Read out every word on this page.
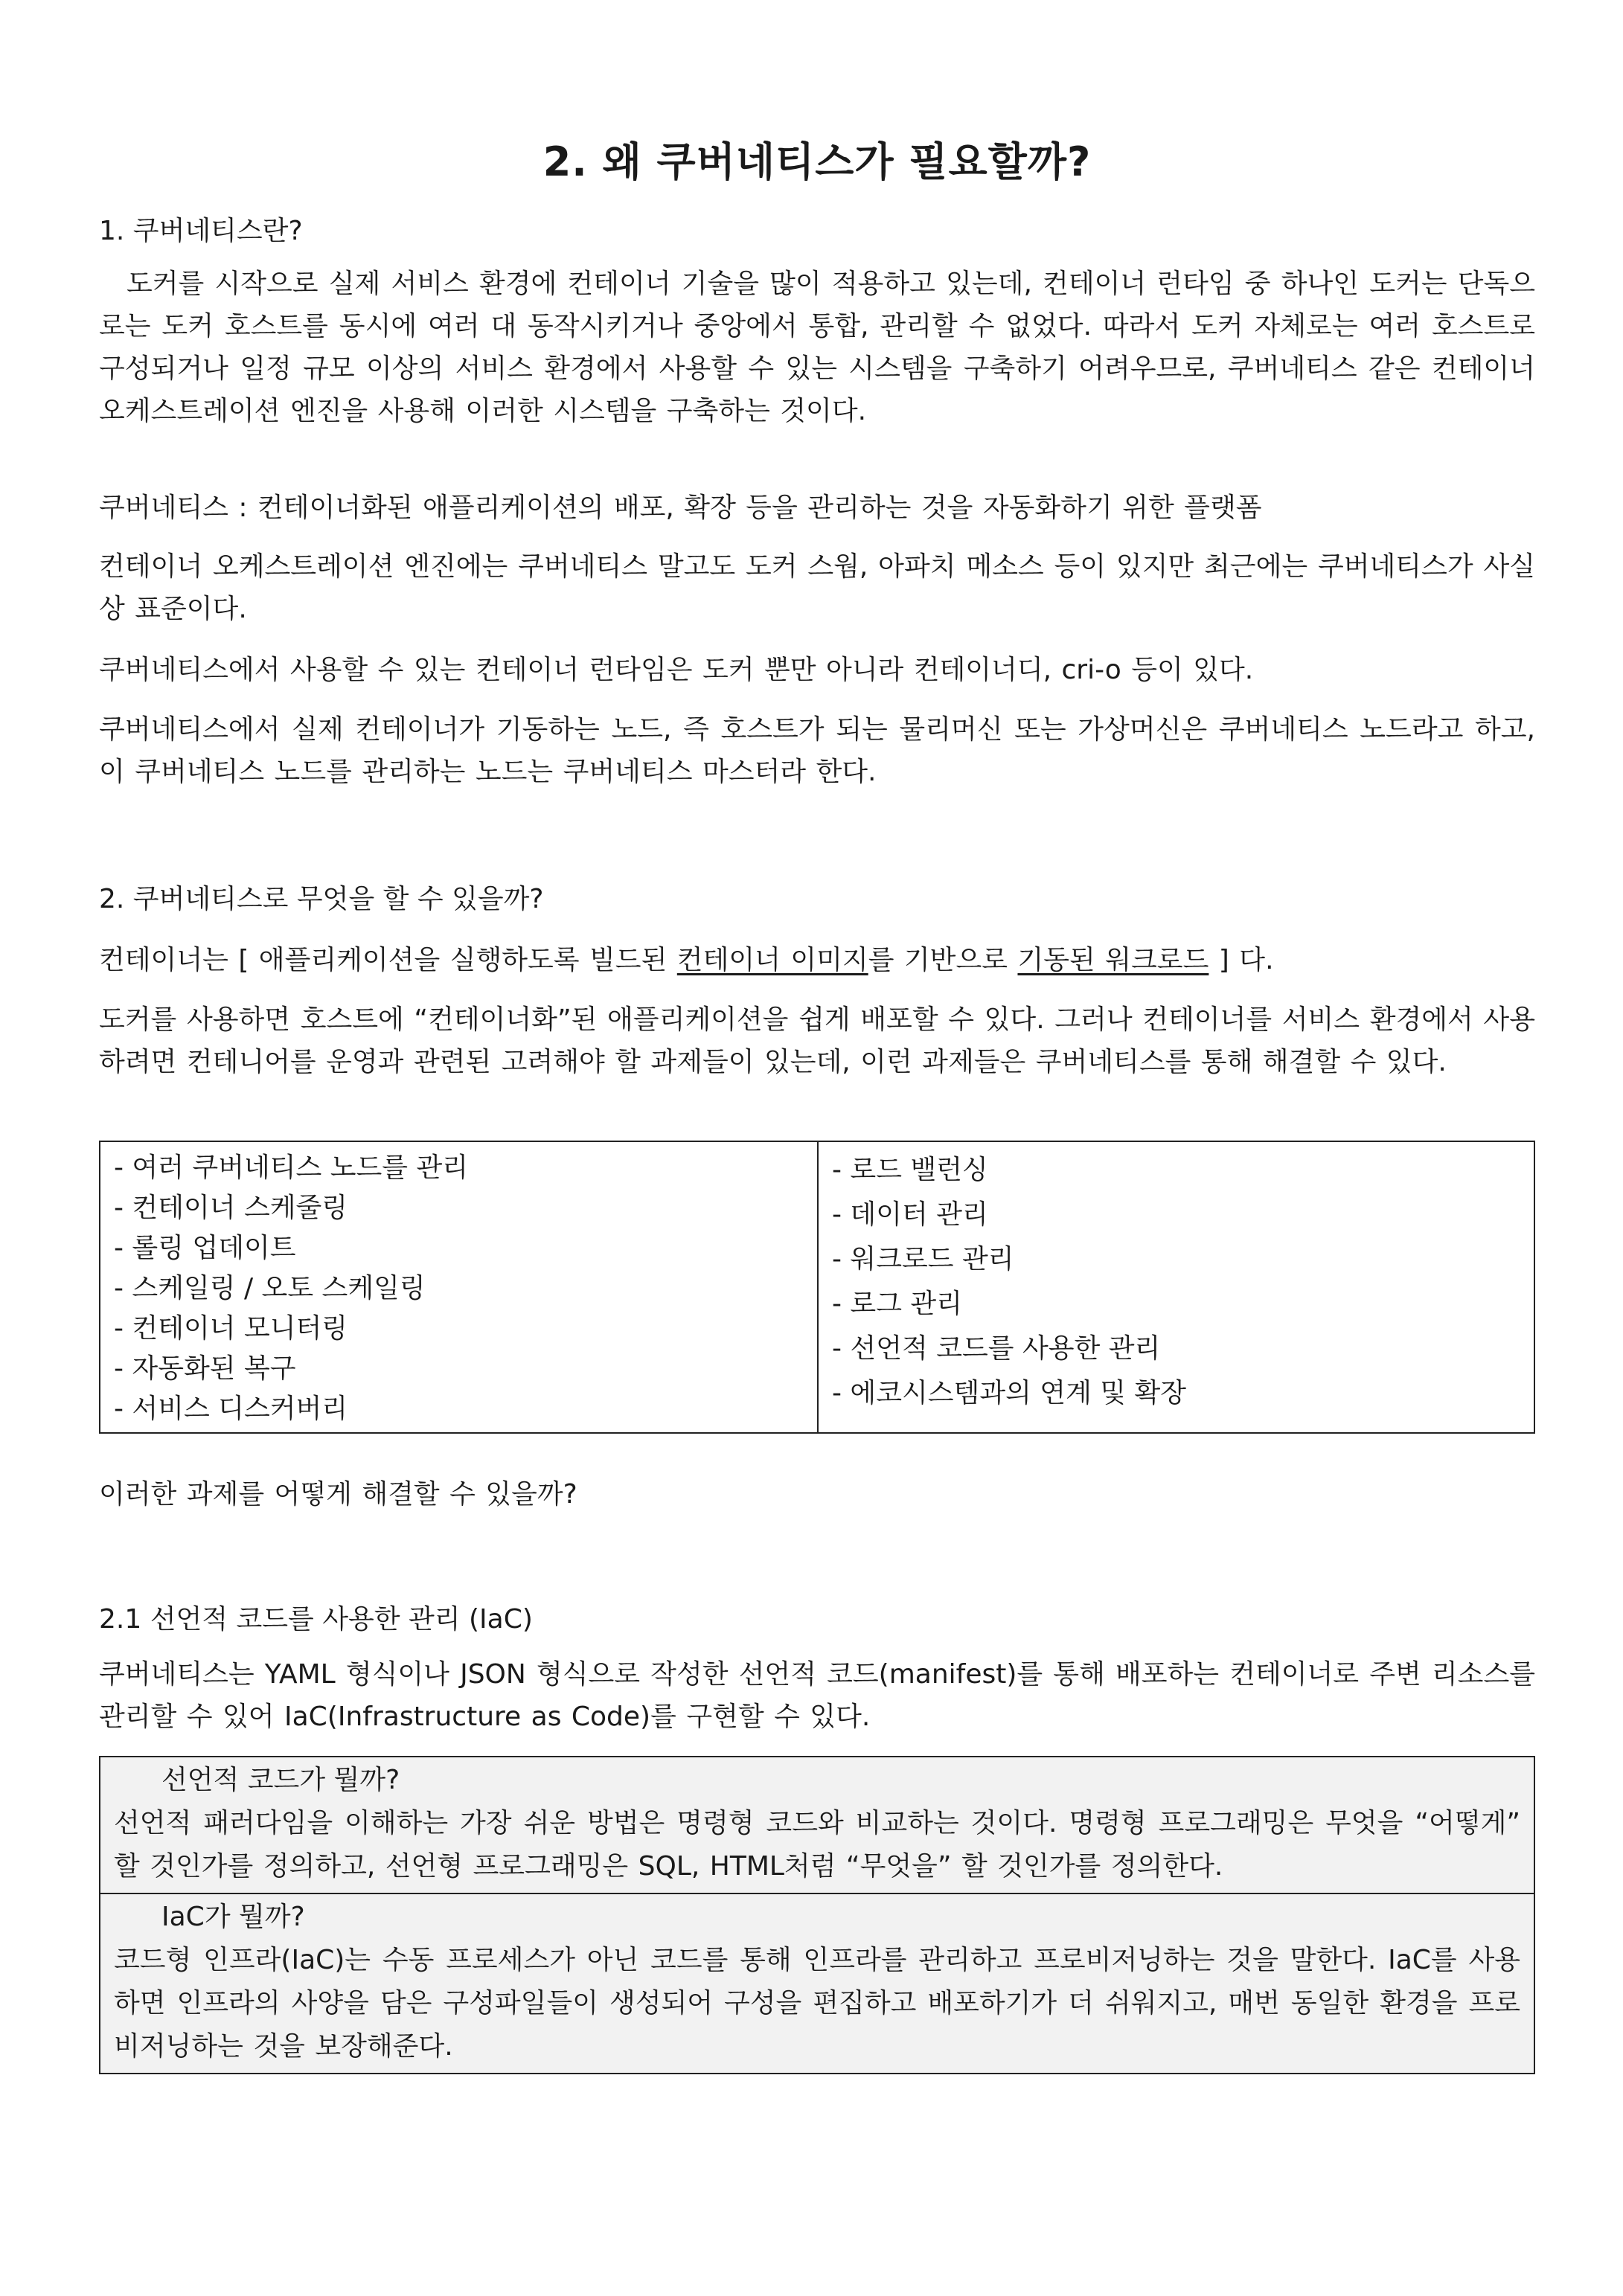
2. 왜 쿠버네티스가 필요할까?

1. 쿠버네티스란?

도커를 시작으로 실제 서비스 환경에 컨테이너 기술을 많이 적용하고 있는데, 컨테이너 런타임 중 하나인 도커는 단독으로는 도커 호스트를 동시에 여러 대 동작시키거나 중앙에서 통합, 관리할 수 없었다. 따라서 도커 자체로는 여러 호스트로 구성되거나 일정 규모 이상의 서비스 환경에서 사용할 수 있는 시스템을 구축하기 어려우므로, 쿠버네티스 같은 컨테이너 오케스트레이션 엔진을 사용해 이러한 시스템을 구축하는 것이다.

쿠버네티스 : 컨테이너화된 애플리케이션의 배포, 확장 등을 관리하는 것을 자동화하기 위한 플랫폼

컨테이너 오케스트레이션 엔진에는 쿠버네티스 말고도 도커 스웜, 아파치 메소스 등이 있지만 최근에는 쿠버네티스가 사실상 표준이다.

쿠버네티스에서 사용할 수 있는 컨테이너 런타임은 도커 뿐만 아니라 컨테이너디, cri-o 등이 있다.

쿠버네티스에서 실제 컨테이너가 기동하는 노드, 즉 호스트가 되는 물리머신 또는 가상머신은 쿠버네티스 노드라고 하고, 이 쿠버네티스 노드를 관리하는 노드는 쿠버네티스 마스터라 한다.

2. 쿠버네티스로 무엇을 할 수 있을까?

컨테이너는 [ 애플리케이션을 실행하도록 빌드된 컨테이너 이미지를 기반으로 기동된 워크로드 ] 다.

도커를 사용하면 호스트에 “컨테이너화”된 애플리케이션을 쉽게 배포할 수 있다. 그러나 컨테이너를 서비스 환경에서 사용하려면 컨테니어를 운영과 관련된 고려해야 할 과제들이 있는데, 이런 과제들은 쿠버네티스를 통해 해결할 수 있다.

- 여러 쿠버네티스 노드를 관리
- 컨테이너 스케줄링
- 롤링 업데이트
- 스케일링 / 오토 스케일링
- 컨테이너 모니터링
- 자동화된 복구
- 서비스 디스커버리
- 로드 밸런싱
- 데이터 관리
- 워크로드 관리
- 로그 관리
- 선언적 코드를 사용한 관리
- 에코시스템과의 연계 및 확장

이러한 과제를 어떻게 해결할 수 있을까?

2.1 선언적 코드를 사용한 관리 (IaC)

쿠버네티스는 YAML 형식이나 JSON 형식으로 작성한 선언적 코드(manifest)를 통해 배포하는 컨테이너로 주변 리소스를 관리할 수 있어 IaC(Infrastructure as Code)를 구현할 수 있다.

선언적 코드가 뭘까?
선언적 패러다임을 이해하는 가장 쉬운 방법은 명령형 코드와 비교하는 것이다. 명령형 프로그래밍은 무엇을 “어떻게” 할 것인가를 정의하고, 선언형 프로그래밍은 SQL, HTML처럼 “무엇을” 할 것인가를 정의한다.
IaC가 뭘까?
코드형 인프라(IaC)는 수동 프로세스가 아닌 코드를 통해 인프라를 관리하고 프로비저닝하는 것을 말한다. IaC를 사용하면 인프라의 사양을 담은 구성파일들이 생성되어 구성을 편집하고 배포하기가 더 쉬워지고, 매번 동일한 환경을 프로비저닝하는 것을 보장해준다.
